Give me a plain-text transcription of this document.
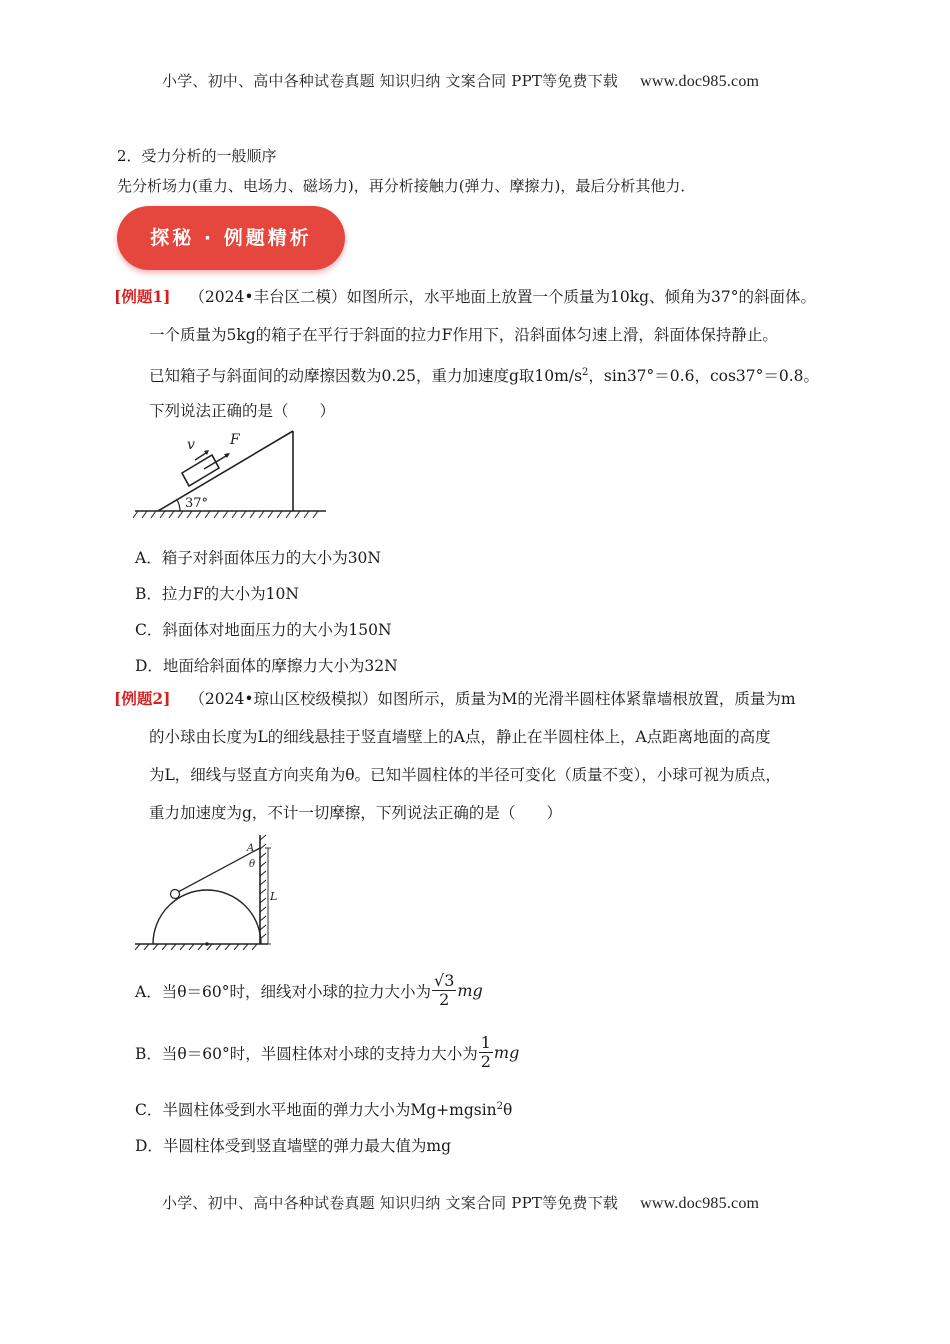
小学、初中、高中各种试卷真题 知识归纳 文案合同 PPT等免费下载 www.doc985.com
2．受力分析的一般顺序
先分析场力(重力、电场力、磁场力)，再分析接触力(弹力、摩擦力)，最后分析其他力．
探秘 · 例题精析
[例题1] （2024•丰台区二模）如图所示，水平地面上放置一个质量为10kg、倾角为37°的斜面体。
一个质量为5kg的箱子在平行于斜面的拉力F作用下，沿斜面体匀速上滑，斜面体保持静止。
已知箱子与斜面间的动摩擦因数为0.25，重力加速度g取$10m/s^2$，sin37°＝0.6，cos37°＝0.8。
下列说法正确的是（　　）
v	F
37°
A．箱子对斜面体压力的大小为30N
B．拉力F的大小为10N
C．斜面体对地面压力的大小为150N
D．地面给斜面体的摩擦力大小为32N
[例题2] （2024•琼山区校级模拟）如图所示，质量为M的光滑半圆柱体紧靠墙根放置，质量为m
的小球由长度为L的细线悬挂于竖直墙壁上的A点，静止在半圆柱体上，A点距离地面的高度
为L，细线与竖直方向夹角为θ。已知半圆柱体的半径可变化（质量不变），小球可视为质点，
重力加速度为g，不计一切摩擦，下列说法正确的是（　　）
A
θ
L
A．当θ＝60°时，细线对小球的拉力大小为 $\frac{√3}{2}$ mg
B．当θ＝60°时，半圆柱体对小球的支持力大小为 $\frac{1}{2}$ mg
C．半圆柱体受到水平地面的弹力大小为Mg+mgsin$^2$θ
D．半圆柱体受到竖直墙壁的弹力最大值为mg
小学、初中、高中各种试卷真题 知识归纳 文案合同 PPT等免费下载 www.doc985.com
